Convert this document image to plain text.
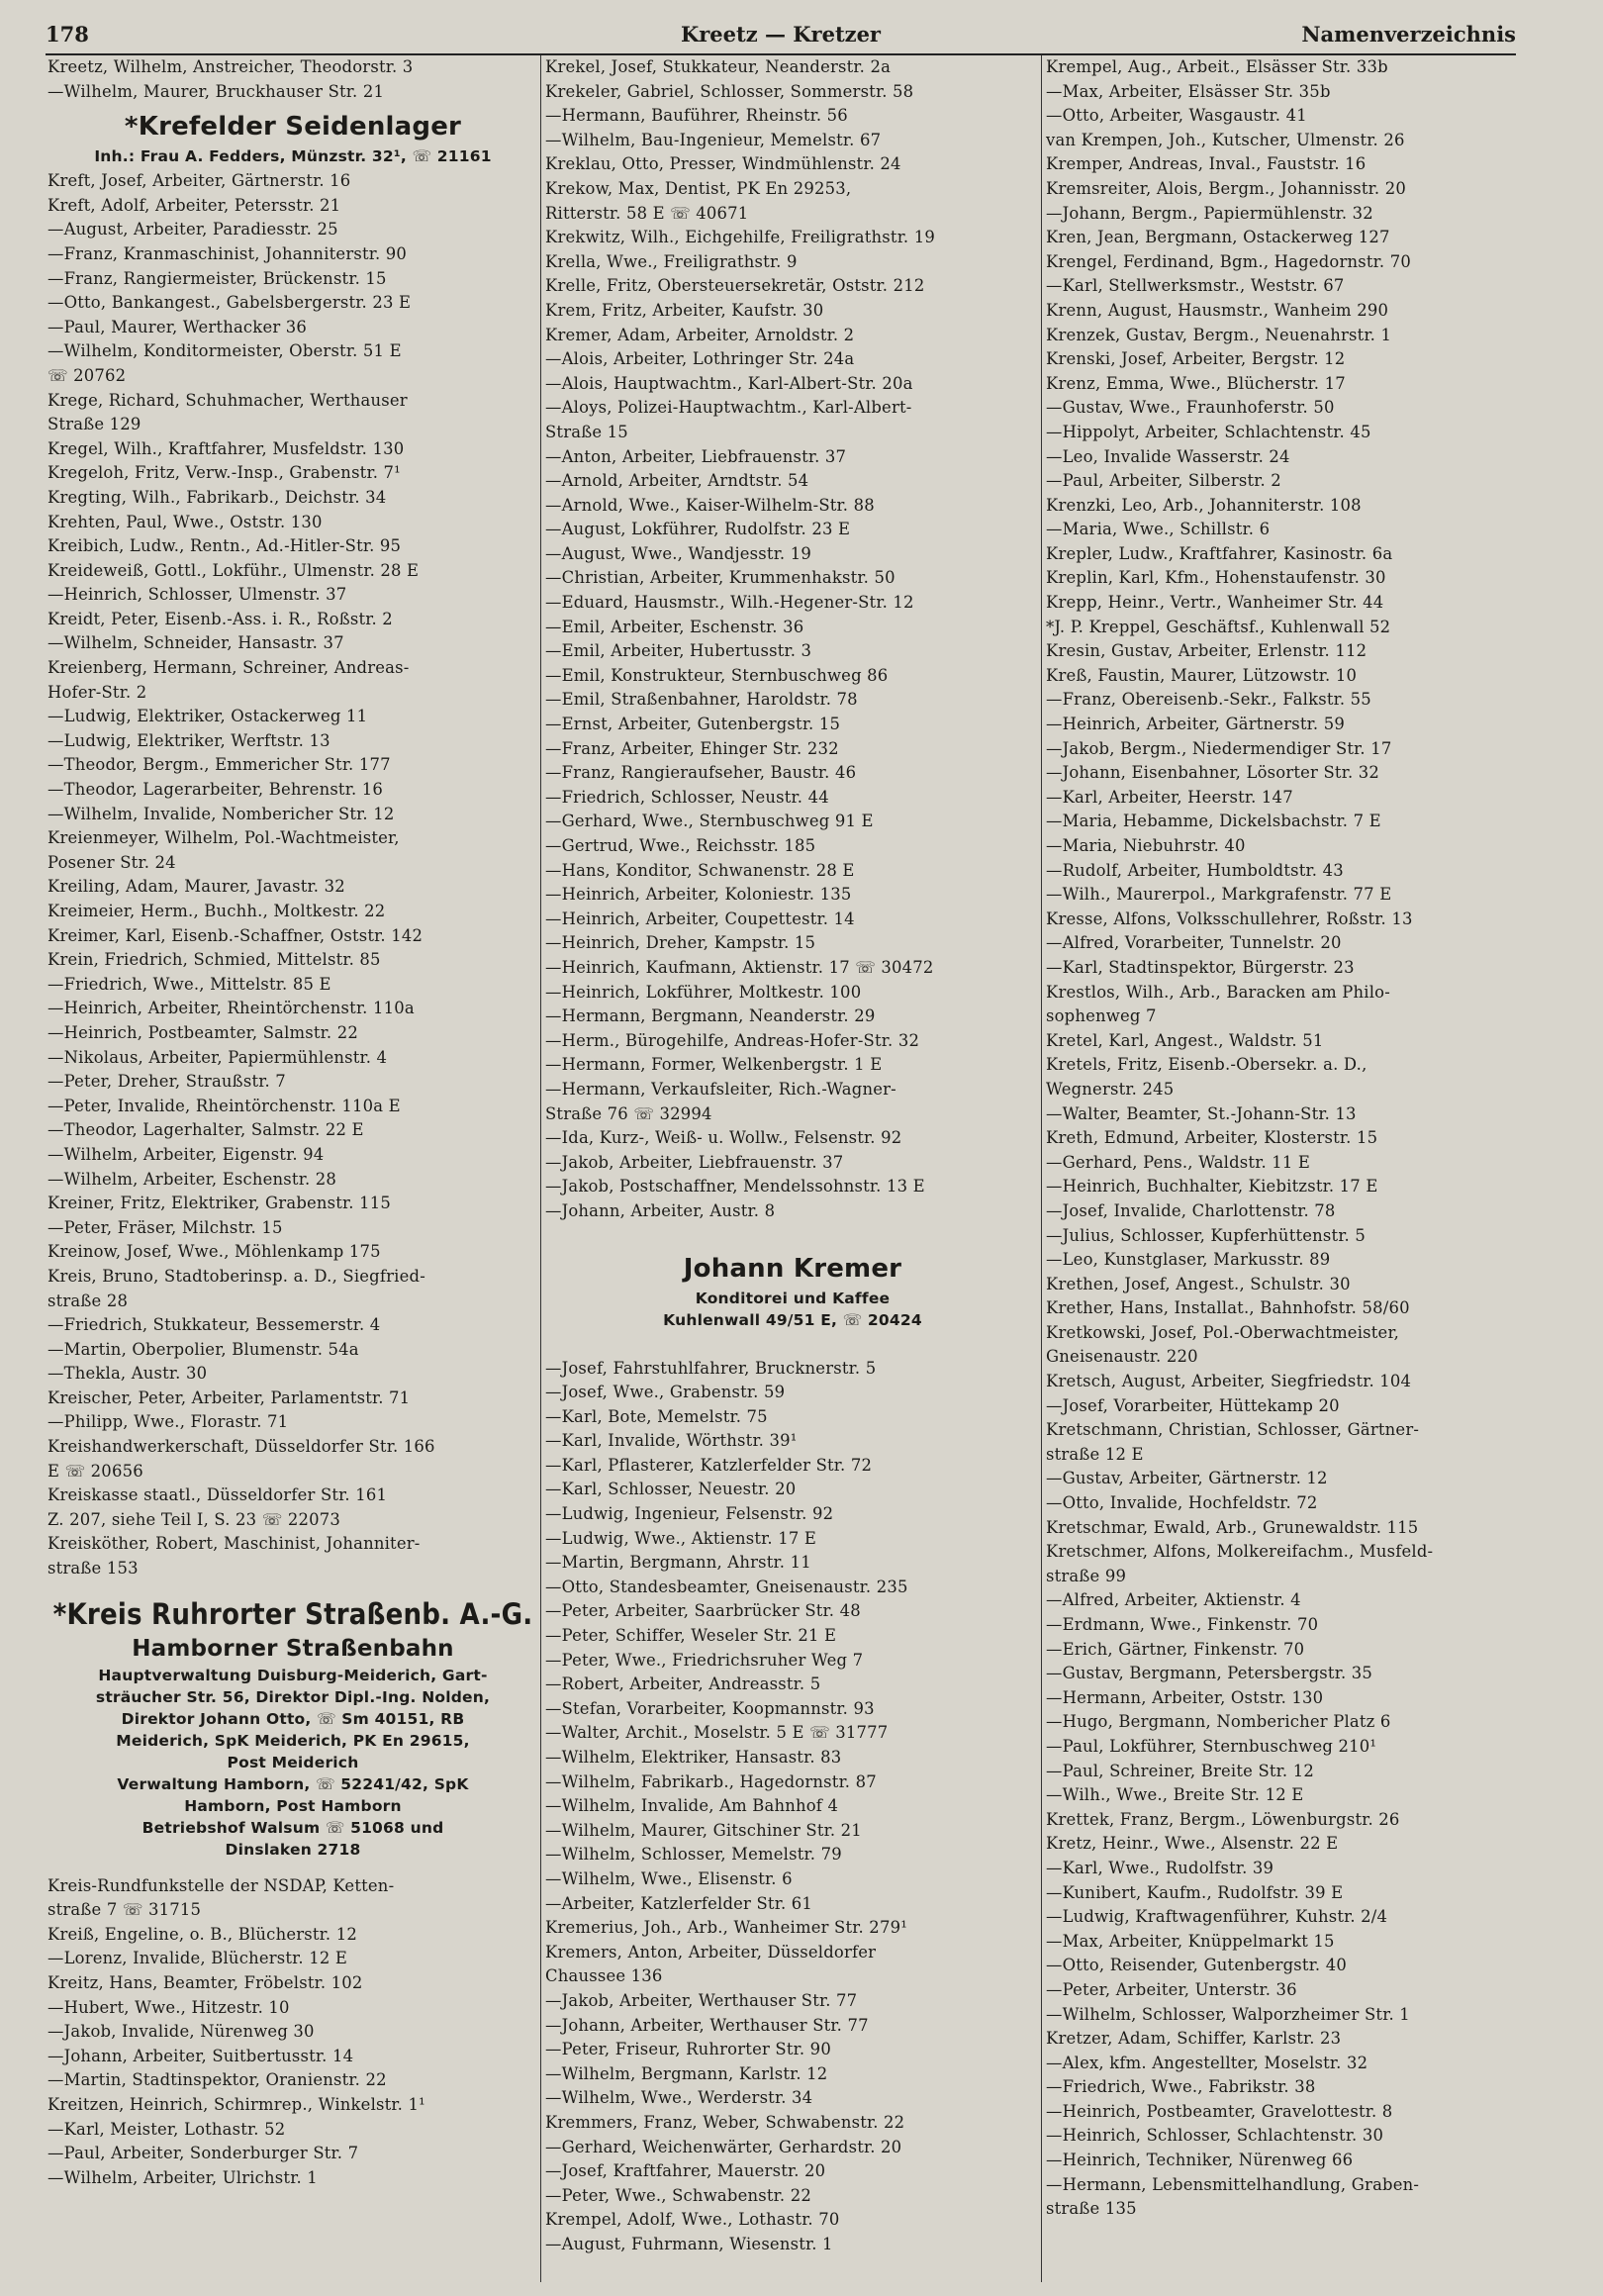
178	Kreetz — Kretzer	Namenverzeichnis
Kreetz, Wilhelm, Anstreicher, Theodorstr. 3
—Wilhelm, Maurer, Bruckhauser Str. 21
*Krefelder Seidenlager
Inh.: Frau A. Fedders, Münzstr. 32¹, ☏ 21161
Kreft, Josef, Arbeiter, Gärtnerstr. 16
Kreft, Adolf, Arbeiter, Petersstr. 21
—August, Arbeiter, Paradiesstr. 25
—Franz, Kranmaschinist, Johanniterstr. 90
—Franz, Rangiermeister, Brückenstr. 15
—Otto, Bankangest., Gabelsbergerstr. 23 E
—Paul, Maurer, Werthacker 36
—Wilhelm, Konditormeister, Oberstr. 51 E
☏ 20762
Krege, Richard, Schuhmacher, Werthauser
Straße 129
Kregel, Wilh., Kraftfahrer, Musfeldstr. 130
Kregeloh, Fritz, Verw.-Insp., Grabenstr. 7¹
Kregting, Wilh., Fabrikarb., Deichstr. 34
Krehten, Paul, Wwe., Oststr. 130
Kreibich, Ludw., Rentn., Ad.-Hitler-Str. 95
Kreideweiß, Gottl., Lokführ., Ulmenstr. 28 E
—Heinrich, Schlosser, Ulmenstr. 37
Kreidt, Peter, Eisenb.-Ass. i. R., Roßstr. 2
—Wilhelm, Schneider, Hansastr. 37
Kreienberg, Hermann, Schreiner, Andreas-
Hofer-Str. 2
—Ludwig, Elektriker, Ostackerweg 11
—Ludwig, Elektriker, Werftstr. 13
—Theodor, Bergm., Emmericher Str. 177
—Theodor, Lagerarbeiter, Behrenstr. 16
—Wilhelm, Invalide, Nombericher Str. 12
Kreienmeyer, Wilhelm, Pol.-Wachtmeister,
Posener Str. 24
Kreiling, Adam, Maurer, Javastr. 32
Kreimeier, Herm., Buchh., Moltkestr. 22
Kreimer, Karl, Eisenb.-Schaffner, Oststr. 142
Krein, Friedrich, Schmied, Mittelstr. 85
—Friedrich, Wwe., Mittelstr. 85 E
—Heinrich, Arbeiter, Rheintörchenstr. 110a
—Heinrich, Postbeamter, Salmstr. 22
—Nikolaus, Arbeiter, Papiermühlenstr. 4
—Peter, Dreher, Straußstr. 7
—Peter, Invalide, Rheintörchenstr. 110a E
—Theodor, Lagerhalter, Salmstr. 22 E
—Wilhelm, Arbeiter, Eigenstr. 94
—Wilhelm, Arbeiter, Eschenstr. 28
Kreiner, Fritz, Elektriker, Grabenstr. 115
—Peter, Fräser, Milchstr. 15
Kreinow, Josef, Wwe., Möhlenkamp 175
Kreis, Bruno, Stadtoberinsp. a. D., Siegfried-
straße 28
—Friedrich, Stukkateur, Bessemerstr. 4
—Martin, Oberpolier, Blumenstr. 54a
—Thekla, Austr. 30
Kreischer, Peter, Arbeiter, Parlamentstr. 71
—Philipp, Wwe., Florastr. 71
Kreishandwerkerschaft, Düsseldorfer Str. 166
E ☏ 20656
Kreiskasse staatl., Düsseldorfer Str. 161
Z. 207, siehe Teil I, S. 23 ☏ 22073
Kreisköther, Robert, Maschinist, Johanniter-
straße 153
*Kreis Ruhrorter Straßenb. A.-G.
Hamborner Straßenbahn
Hauptverwaltung Duisburg-Meiderich, Gart-
sträucher Str. 56, Direktor Dipl.-Ing. Nolden,
Direktor Johann Otto, ☏ Sm 40151, RB
Meiderich, SpK Meiderich, PK En 29615,
Post Meiderich
Verwaltung Hamborn, ☏ 52241/42, SpK
Hamborn, Post Hamborn
Betriebshof Walsum ☏ 51068 und
Dinslaken 2718
Kreis-Rundfunkstelle der NSDAP, Ketten-
straße 7 ☏ 31715
Kreiß, Engeline, o. B., Blücherstr. 12
—Lorenz, Invalide, Blücherstr. 12 E
Kreitz, Hans, Beamter, Fröbelstr. 102
—Hubert, Wwe., Hitzestr. 10
—Jakob, Invalide, Nürenweg 30
—Johann, Arbeiter, Suitbertusstr. 14
—Martin, Stadtinspektor, Oranienstr. 22
Kreitzen, Heinrich, Schirmrep., Winkelstr. 1¹
—Karl, Meister, Lothastr. 52
—Paul, Arbeiter, Sonderburger Str. 7
—Wilhelm, Arbeiter, Ulrichstr. 1
Krekel, Josef, Stukkateur, Neanderstr. 2a
Krekeler, Gabriel, Schlosser, Sommerstr. 58
—Hermann, Bauführer, Rheinstr. 56
—Wilhelm, Bau-Ingenieur, Memelstr. 67
Kreklau, Otto, Presser, Windmühlenstr. 24
Krekow, Max, Dentist, PK En 29253,
Ritterstr. 58 E ☏ 40671
Krekwitz, Wilh., Eichgehilfe, Freiligrathstr. 19
Krella, Wwe., Freiligrathstr. 9
Krelle, Fritz, Obersteuersekretär, Oststr. 212
Krem, Fritz, Arbeiter, Kaufstr. 30
Kremer, Adam, Arbeiter, Arnoldstr. 2
—Alois, Arbeiter, Lothringer Str. 24a
—Alois, Hauptwachtm., Karl-Albert-Str. 20a
—Aloys, Polizei-Hauptwachtm., Karl-Albert-
Straße 15
—Anton, Arbeiter, Liebfrauenstr. 37
—Arnold, Arbeiter, Arndtstr. 54
—Arnold, Wwe., Kaiser-Wilhelm-Str. 88
—August, Lokführer, Rudolfstr. 23 E
—August, Wwe., Wandjesstr. 19
—Christian, Arbeiter, Krummenhakstr. 50
—Eduard, Hausmstr., Wilh.-Hegener-Str. 12
—Emil, Arbeiter, Eschenstr. 36
—Emil, Arbeiter, Hubertusstr. 3
—Emil, Konstrukteur, Sternbuschweg 86
—Emil, Straßenbahner, Haroldstr. 78
—Ernst, Arbeiter, Gutenbergstr. 15
—Franz, Arbeiter, Ehinger Str. 232
—Franz, Rangieraufseher, Baustr. 46
—Friedrich, Schlosser, Neustr. 44
—Gerhard, Wwe., Sternbuschweg 91 E
—Gertrud, Wwe., Reichsstr. 185
—Hans, Konditor, Schwanenstr. 28 E
—Heinrich, Arbeiter, Koloniestr. 135
—Heinrich, Arbeiter, Coupettestr. 14
—Heinrich, Dreher, Kampstr. 15
—Heinrich, Kaufmann, Aktienstr. 17 ☏ 30472
—Heinrich, Lokführer, Moltkestr. 100
—Hermann, Bergmann, Neanderstr. 29
—Herm., Bürogehilfe, Andreas-Hofer-Str. 32
—Hermann, Former, Welkenbergstr. 1 E
—Hermann, Verkaufsleiter, Rich.-Wagner-
Straße 76 ☏ 32994
—Ida, Kurz-, Weiß- u. Wollw., Felsenstr. 92
—Jakob, Arbeiter, Liebfrauenstr. 37
—Jakob, Postschaffner, Mendelssohnstr. 13 E
—Johann, Arbeiter, Austr. 8
Johann Kremer
Konditorei und Kaffee
Kuhlenwall 49/51 E, ☏ 20424
—Josef, Fahrstuhlfahrer, Brucknerstr. 5
—Josef, Wwe., Grabenstr. 59
—Karl, Bote, Memelstr. 75
—Karl, Invalide, Wörthstr. 39¹
—Karl, Pflasterer, Katzlerfelder Str. 72
—Karl, Schlosser, Neuestr. 20
—Ludwig, Ingenieur, Felsenstr. 92
—Ludwig, Wwe., Aktienstr. 17 E
—Martin, Bergmann, Ahrstr. 11
—Otto, Standesbeamter, Gneisenaustr. 235
—Peter, Arbeiter, Saarbrücker Str. 48
—Peter, Schiffer, Weseler Str. 21 E
—Peter, Wwe., Friedrichsruher Weg 7
—Robert, Arbeiter, Andreasstr. 5
—Stefan, Vorarbeiter, Koopmannstr. 93
—Walter, Archit., Moselstr. 5 E ☏ 31777
—Wilhelm, Elektriker, Hansastr. 83
—Wilhelm, Fabrikarb., Hagedornstr. 87
—Wilhelm, Invalide, Am Bahnhof 4
—Wilhelm, Maurer, Gitschiner Str. 21
—Wilhelm, Schlosser, Memelstr. 79
—Wilhelm, Wwe., Elisenstr. 6
—Arbeiter, Katzlerfelder Str. 61
Kremerius, Joh., Arb., Wanheimer Str. 279¹
Kremers, Anton, Arbeiter, Düsseldorfer
Chaussee 136
—Jakob, Arbeiter, Werthauser Str. 77
—Johann, Arbeiter, Werthauser Str. 77
—Peter, Friseur, Ruhrorter Str. 90
—Wilhelm, Bergmann, Karlstr. 12
—Wilhelm, Wwe., Werderstr. 34
Kremmers, Franz, Weber, Schwabenstr. 22
—Gerhard, Weichenwärter, Gerhardstr. 20
—Josef, Kraftfahrer, Mauerstr. 20
—Peter, Wwe., Schwabenstr. 22
Krempel, Adolf, Wwe., Lothastr. 70
—August, Fuhrmann, Wiesenstr. 1
Krempel, Aug., Arbeit., Elsässer Str. 33b
—Max, Arbeiter, Elsässer Str. 35b
—Otto, Arbeiter, Wasgaustr. 41
van Krempen, Joh., Kutscher, Ulmenstr. 26
Kremper, Andreas, Inval., Fauststr. 16
Kremsreiter, Alois, Bergm., Johannisstr. 20
—Johann, Bergm., Papiermühlenstr. 32
Kren, Jean, Bergmann, Ostackerweg 127
Krengel, Ferdinand, Bgm., Hagedornstr. 70
—Karl, Stellwerksmstr., Weststr. 67
Krenn, August, Hausmstr., Wanheim 290
Krenzek, Gustav, Bergm., Neuenahrstr. 1
Krenski, Josef, Arbeiter, Bergstr. 12
Krenz, Emma, Wwe., Blücherstr. 17
—Gustav, Wwe., Fraunhoferstr. 50
—Hippolyt, Arbeiter, Schlachtenstr. 45
—Leo, Invalide Wasserstr. 24
—Paul, Arbeiter, Silberstr. 2
Krenzki, Leo, Arb., Johanniterstr. 108
—Maria, Wwe., Schillstr. 6
Krepler, Ludw., Kraftfahrer, Kasinostr. 6a
Kreplin, Karl, Kfm., Hohenstaufenstr. 30
Krepp, Heinr., Vertr., Wanheimer Str. 44
*J. P. Kreppel, Geschäftsf., Kuhlenwall 52
Kresin, Gustav, Arbeiter, Erlenstr. 112
Kreß, Faustin, Maurer, Lützowstr. 10
—Franz, Obereisenb.-Sekr., Falkstr. 55
—Heinrich, Arbeiter, Gärtnerstr. 59
—Jakob, Bergm., Niedermendiger Str. 17
—Johann, Eisenbahner, Lösorter Str. 32
—Karl, Arbeiter, Heerstr. 147
—Maria, Hebamme, Dickelsbachstr. 7 E
—Maria, Niebuhrstr. 40
—Rudolf, Arbeiter, Humboldtstr. 43
—Wilh., Maurerpol., Markgrafenstr. 77 E
Kresse, Alfons, Volksschullehrer, Roßstr. 13
—Alfred, Vorarbeiter, Tunnelstr. 20
—Karl, Stadtinspektor, Bürgerstr. 23
Krestlos, Wilh., Arb., Baracken am Philo-
sophenweg 7
Kretel, Karl, Angest., Waldstr. 51
Kretels, Fritz, Eisenb.-Obersekr. a. D.,
Wegnerstr. 245
—Walter, Beamter, St.-Johann-Str. 13
Kreth, Edmund, Arbeiter, Klosterstr. 15
—Gerhard, Pens., Waldstr. 11 E
—Heinrich, Buchhalter, Kiebitzstr. 17 E
—Josef, Invalide, Charlottenstr. 78
—Julius, Schlosser, Kupferhüttenstr. 5
—Leo, Kunstglaser, Markusstr. 89
Krethen, Josef, Angest., Schulstr. 30
Krether, Hans, Installat., Bahnhofstr. 58/60
Kretkowski, Josef, Pol.-Oberwachtmeister,
Gneisenaustr. 220
Kretsch, August, Arbeiter, Siegfriedstr. 104
—Josef, Vorarbeiter, Hüttekamp 20
Kretschmann, Christian, Schlosser, Gärtner-
straße 12 E
—Gustav, Arbeiter, Gärtnerstr. 12
—Otto, Invalide, Hochfeldstr. 72
Kretschmar, Ewald, Arb., Grunewaldstr. 115
Kretschmer, Alfons, Molkereifachm., Musfeld-
straße 99
—Alfred, Arbeiter, Aktienstr. 4
—Erdmann, Wwe., Finkenstr. 70
—Erich, Gärtner, Finkenstr. 70
—Gustav, Bergmann, Petersbergstr. 35
—Hermann, Arbeiter, Oststr. 130
—Hugo, Bergmann, Nombericher Platz 6
—Paul, Lokführer, Sternbuschweg 210¹
—Paul, Schreiner, Breite Str. 12
—Wilh., Wwe., Breite Str. 12 E
Krettek, Franz, Bergm., Löwenburgstr. 26
Kretz, Heinr., Wwe., Alsenstr. 22 E
—Karl, Wwe., Rudolfstr. 39
—Kunibert, Kaufm., Rudolfstr. 39 E
—Ludwig, Kraftwagenführer, Kuhstr. 2/4
—Max, Arbeiter, Knüppelmarkt 15
—Otto, Reisender, Gutenbergstr. 40
—Peter, Arbeiter, Unterstr. 36
—Wilhelm, Schlosser, Walporzheimer Str. 1
Kretzer, Adam, Schiffer, Karlstr. 23
—Alex, kfm. Angestellter, Moselstr. 32
—Friedrich, Wwe., Fabrikstr. 38
—Heinrich, Postbeamter, Gravelottestr. 8
—Heinrich, Schlosser, Schlachtenstr. 30
—Heinrich, Techniker, Nürenweg 66
—Hermann, Lebensmittelhandlung, Graben-
straße 135
